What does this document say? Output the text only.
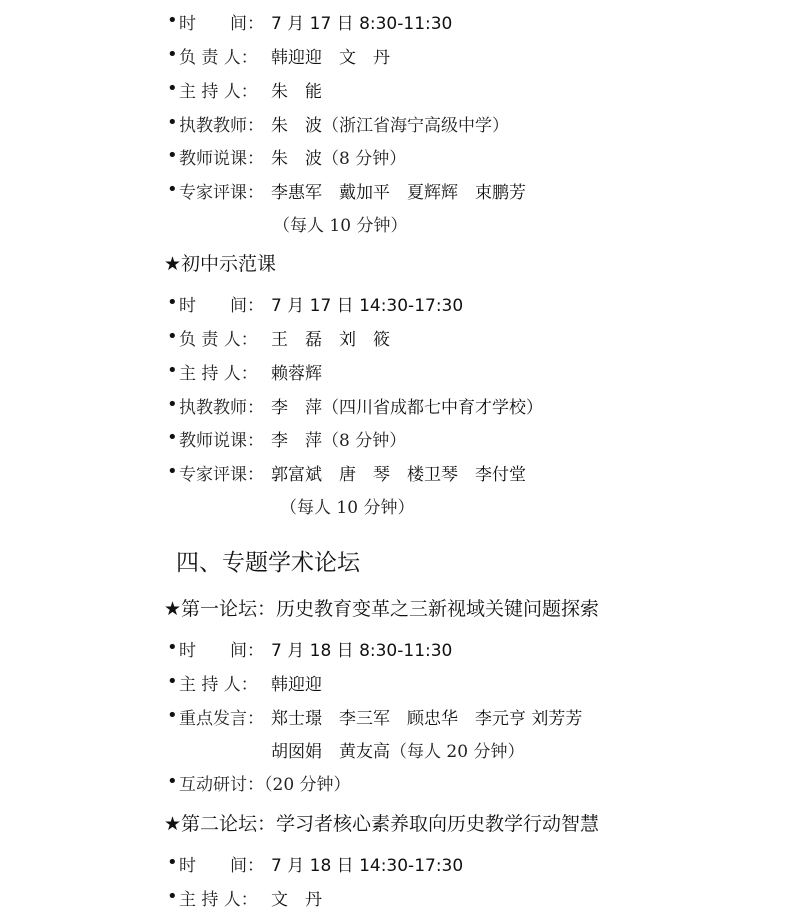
• 时　　间： 7 月 17 日 8:30-11:30
• 负 责 人： 韩迎迎　文　丹
• 主 持 人： 朱　能
• 执教教师： 朱　波（浙江省海宁高级中学）
• 教师说课： 朱　波（8 分钟）
• 专家评课： 李惠军　戴加平　夏辉辉　束鹏芳
（每人 10 分钟）
★初中示范课
• 时　　间： 7 月 17 日 14:30-17:30
• 负 责 人： 王　磊　刘　筱
• 主 持 人： 赖蓉辉
• 执教教师： 李　萍（四川省成都七中育才学校）
• 教师说课： 李　萍（8 分钟）
• 专家评课： 郭富斌　唐　琴　楼卫琴　李付堂
（每人 10 分钟）
四、专题学术论坛
★第一论坛：历史教育变革之三新视域关键问题探索
• 时　　间： 7 月 18 日 8:30-11:30
• 主 持 人： 韩迎迎
• 重点发言： 郑士璟　李三军　顾忠华　李元亨 刘芳芳
胡囡娟　黄友高（每人 20 分钟）
• 互动研讨：（20 分钟）
★第二论坛：学习者核心素养取向历史教学行动智慧
• 时　　间： 7 月 18 日 14:30-17:30
• 主 持 人： 文　丹
